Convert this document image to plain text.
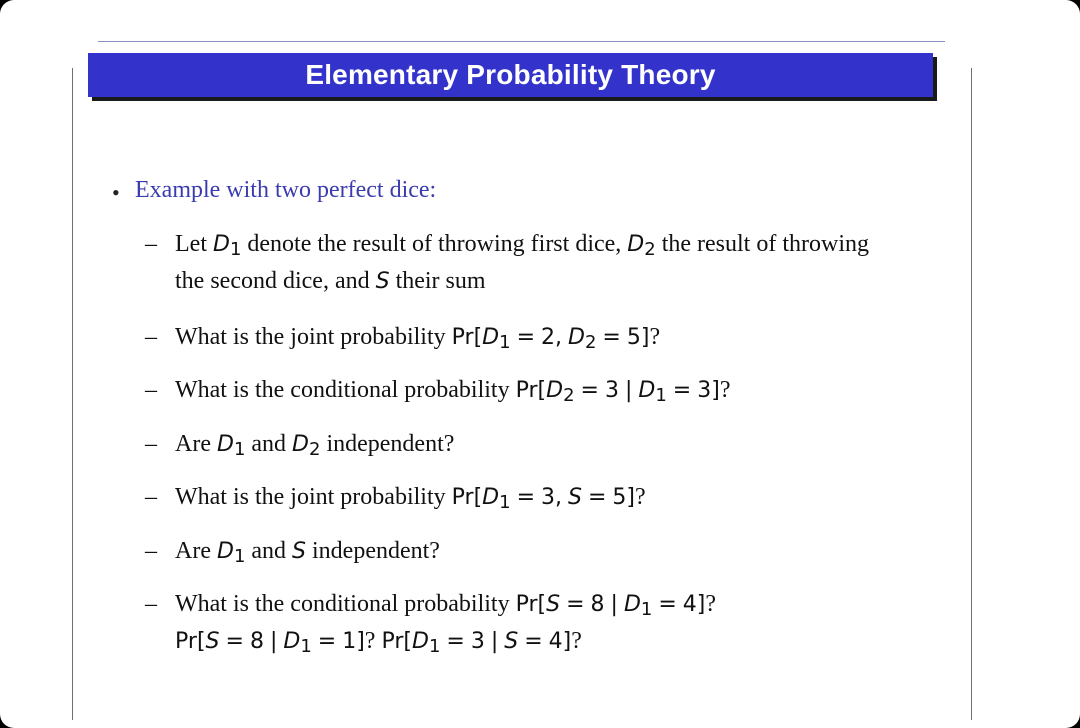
Elementary Probability Theory
• Example with two perfect dice:
– Let D1 denote the result of throwing first dice, D2 the result of throwing
the second dice, and S their sum
– What is the joint probability Pr[D1 = 2, D2 = 5]?
– What is the conditional probability Pr[D2 = 3 | D1 = 3]?
– Are D1 and D2 independent?
– What is the joint probability Pr[D1 = 3, S = 5]?
– Are D1 and S independent?
– What is the conditional probability Pr[S = 8 | D1 = 4]?
Pr[S = 8 | D1 = 1]? Pr[D1 = 3 | S = 4]?
